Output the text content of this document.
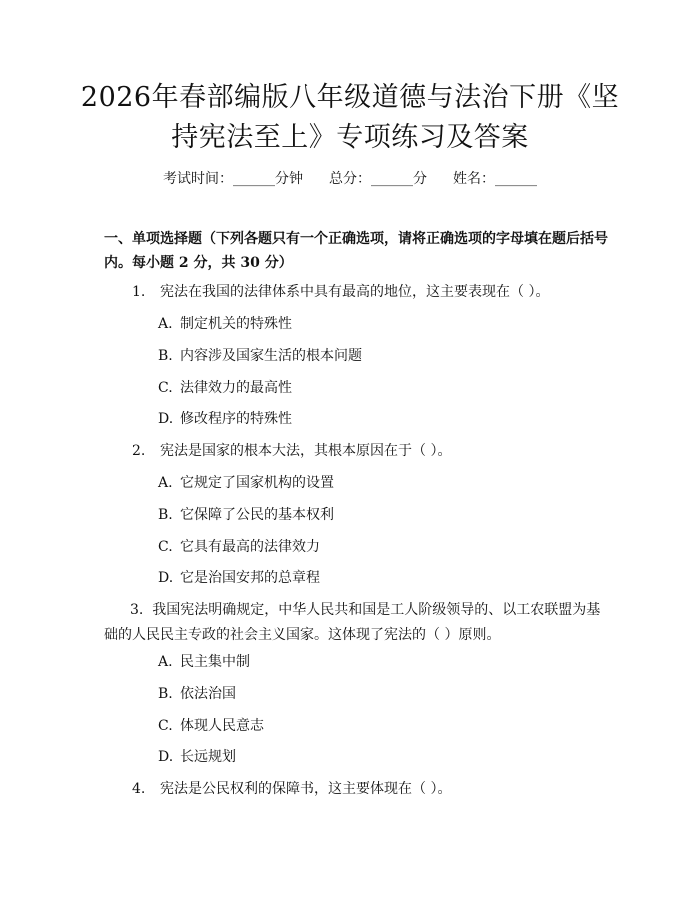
2026年春部编版八年级道德与法治下册《坚
持宪法至上》专项练习及答案
考试时间：______分钟 总分：______分 姓名：______
一、单项选择题（下列各题只有一个正确选项，请将正确选项的字母填在题后括号内。每小题 2 分，共 30 分）
1. 宪法在我国的法律体系中具有最高的地位，这主要表现在（ ）。
A. 制定机关的特殊性
B. 内容涉及国家生活的根本问题
C. 法律效力的最高性
D. 修改程序的特殊性
2. 宪法是国家的根本大法，其根本原因在于（ ）。
A. 它规定了国家机构的设置
B. 它保障了公民的基本权利
C. 它具有最高的法律效力
D. 它是治国安邦的总章程
3. 我国宪法明确规定，中华人民共和国是工人阶级领导的、以工农联盟为基础的人民民主专政的社会主义国家。这体现了宪法的（ ）原则。
A. 民主集中制
B. 依法治国
C. 体现人民意志
D. 长远规划
4. 宪法是公民权利的保障书，这主要体现在（ ）。
